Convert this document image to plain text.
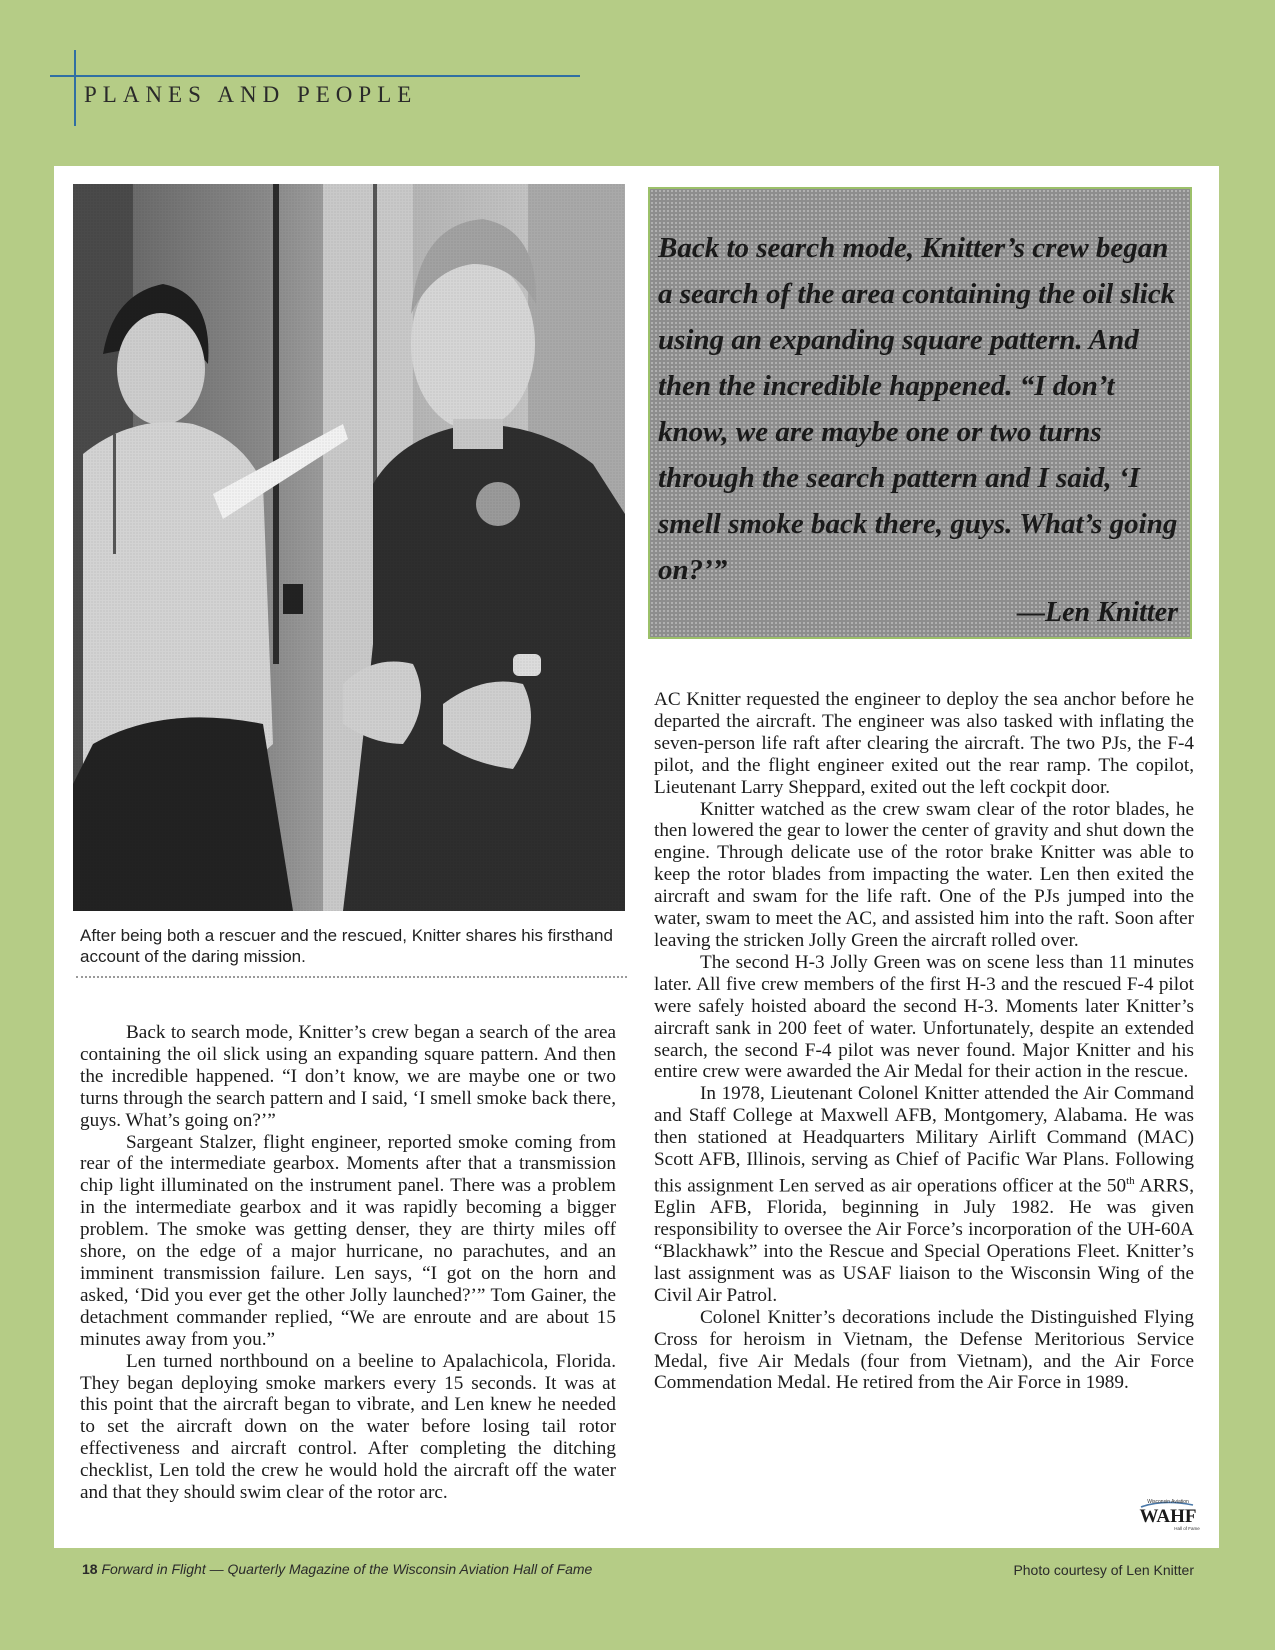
PLANES AND PEOPLE

After being both a rescuer and the rescued, Knitter shares his firsthand account of the daring mission.

Back to search mode, Knitter’s crew began a search of the area containing the oil slick using an expanding square pattern. And then the incredible happened. “I don’t know, we are maybe one or two turns through the search pattern and I said, ‘I smell smoke back there, guys. What’s going on?’”

—Len Knitter

Back to search mode, Knitter’s crew began a search of the area containing the oil slick using an expanding square pattern. And then the incredible happened. “I don’t know, we are maybe one or two turns through the search pattern and I said, ‘I smell smoke back there, guys. What’s going on?’”

Sargeant Stalzer, flight engineer, reported smoke coming from rear of the intermediate gearbox. Moments after that a transmission chip light illuminated on the instrument panel. There was a problem in the intermediate gearbox and it was rapidly becoming a bigger problem. The smoke was getting denser, they are thirty miles off shore, on the edge of a major hurricane, no parachutes, and an imminent transmission failure. Len says, “I got on the horn and asked, ‘Did you ever get the other Jolly launched?’” Tom Gainer, the detachment commander replied, “We are enroute and are about 15 minutes away from you.”

Len turned northbound on a beeline to Apalachicola, Florida. They began deploying smoke markers every 15 seconds. It was at this point that the aircraft began to vibrate, and Len knew he needed to set the aircraft down on the water before losing tail rotor effectiveness and aircraft control. After completing the ditching checklist, Len told the crew he would hold the aircraft off the water and that they should swim clear of the rotor arc.

AC Knitter requested the engineer to deploy the sea anchor before he departed the aircraft. The engineer was also tasked with inflating the seven-person life raft after clearing the aircraft. The two PJs, the F-4 pilot, and the flight engineer exited out the rear ramp. The copilot, Lieutenant Larry Sheppard, exited out the left cockpit door.

Knitter watched as the crew swam clear of the rotor blades, he then lowered the gear to lower the center of gravity and shut down the engine. Through delicate use of the rotor brake Knitter was able to keep the rotor blades from impacting the water. Len then exited the aircraft and swam for the life raft. One of the PJs jumped into the water, swam to meet the AC, and assisted him into the raft. Soon after leaving the stricken Jolly Green the aircraft rolled over.

The second H-3 Jolly Green was on scene less than 11 minutes later. All five crew members of the first H-3 and the rescued F-4 pilot were safely hoisted aboard the second H-3. Moments later Knitter’s aircraft sank in 200 feet of water. Unfortunately, despite an extended search, the second F-4 pilot was never found. Major Knitter and his entire crew were awarded the Air Medal for their action in the rescue.

In 1978, Lieutenant Colonel Knitter attended the Air Command and Staff College at Maxwell AFB, Montgomery, Alabama. He was then stationed at Headquarters Military Airlift Command (MAC) Scott AFB, Illinois, serving as Chief of Pacific War Plans. Following this assignment Len served as air operations officer at the 50th ARRS, Eglin AFB, Florida, beginning in July 1982. He was given responsibility to oversee the Air Force’s incorporation of the UH-60A “Blackhawk” into the Rescue and Special Operations Fleet. Knitter’s last assignment was as USAF liaison to the Wisconsin Wing of the Civil Air Patrol.

Colonel Knitter’s decorations include the Distinguished Flying Cross for heroism in Vietnam, the Defense Meritorious Service Medal, five Air Medals (four from Vietnam), and the Air Force Commendation Medal. He retired from the Air Force in 1989.

Wisconsin Aviation
WAHF
Hall of Fame
18 Forward in Flight — Quarterly Magazine of the Wisconsin Aviation Hall of Fame	Photo courtesy of Len Knitter
